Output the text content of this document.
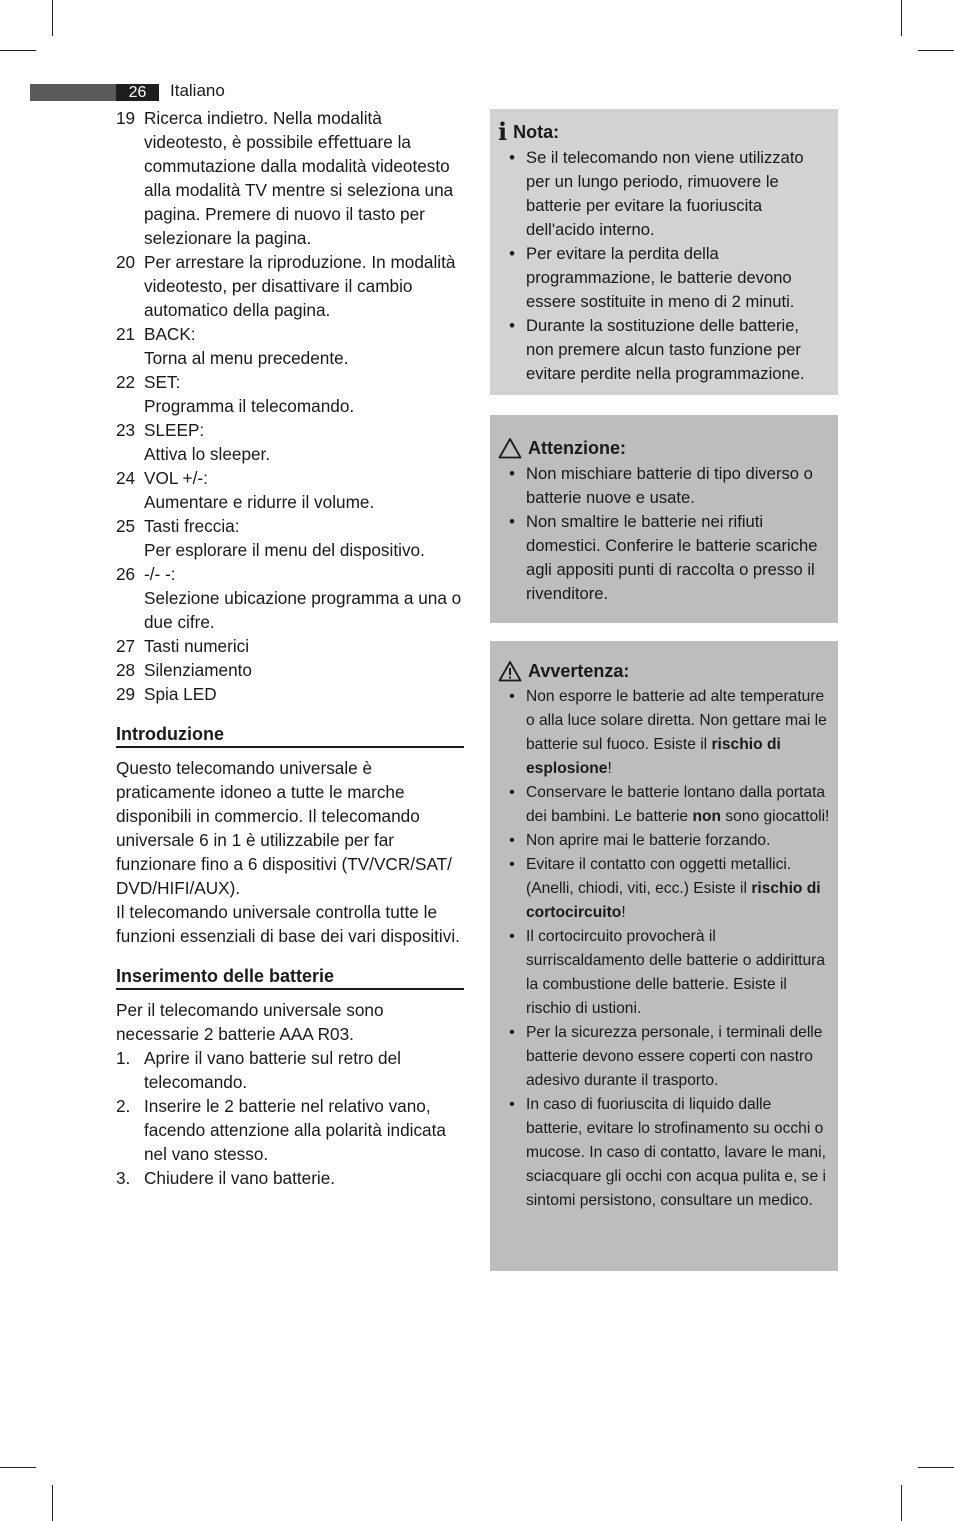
26	Italiano
19 Ricerca indietro. Nella modalità videotesto, è possibile eﬀettuare la commutazione dalla modalità videotesto alla modalità TV mentre si seleziona una pagina. Premere di nuovo il tasto per selezionare la pagina.
20 Per arrestare la riproduzione. In modalità videotesto, per disattivare il cambio automatico della pagina.
21 BACK:
Torna al menu precedente.
22 SET:
Programma il telecomando.
23 SLEEP:
Attiva lo sleeper.
24 VOL +/-:
Aumentare e ridurre il volume.
25 Tasti freccia:
Per esplorare il menu del dispositivo.
26 -/- -:
Selezione ubicazione programma a una o due cifre.
27 Tasti numerici
28 Silenziamento
29 Spia LED
Introduzione

Questo telecomando universale è praticamente idoneo a tutte le marche disponibili in commercio. Il telecomando universale 6 in 1 è utilizzabile per far funzionare ﬁno a 6 dispositivi (TV/VCR/SAT/ DVD/HIFI/AUX).

Il telecomando universale controlla tutte le funzioni essenziali di base dei vari dispositivi.

Inserimento delle batterie

Per il telecomando universale sono necessarie 2 batterie AAA R03.

1. Aprire il vano batterie sul retro del telecomando.
2. Inserire le 2 batterie nel relativo vano, facendo attenzione alla polarità indicata nel vano stesso.
3. Chiudere il vano batterie.
i Nota:
• Se il telecomando non viene utilizzato per un lungo periodo, rimuovere le batterie per evitare la fuoriuscita dell'acido interno.
• Per evitare la perdita della programmazione, le batterie devono essere sostituite in meno di 2 minuti.
• Durante la sostituzione delle batterie, non premere alcun tasto funzione per evitare perdite nella programmazione.
Attenzione:
• Non mischiare batterie di tipo diverso o batterie nuove e usate.
• Non smaltire le batterie nei riﬁuti domestici. Conferire le batterie scariche agli appositi punti di raccolta o presso il rivenditore.
Avvertenza:
• Non esporre le batterie ad alte temperature o alla luce solare diretta. Non gettare mai le batterie sul fuoco. Esiste il rischio di esplosione!
• Conservare le batterie lontano dalla portata dei bambini. Le batterie non sono giocattoli!
• Non aprire mai le batterie forzando.
• Evitare il contatto con oggetti metallici. (Anelli, chiodi, viti, ecc.) Esiste il rischio di cortocircuito!
• Il cortocircuito provocherà il surriscaldamento delle batterie o addirittura la combustione delle batterie. Esiste il rischio di ustioni.
• Per la sicurezza personale, i terminali delle batterie devono essere coperti con nastro adesivo durante il trasporto.
• In caso di fuoriuscita di liquido dalle batterie, evitare lo stroﬁnamento su occhi o mucose. In caso di contatto, lavare le mani, sciacquare gli occhi con acqua pulita e, se i sintomi persistono, consultare un medico.
